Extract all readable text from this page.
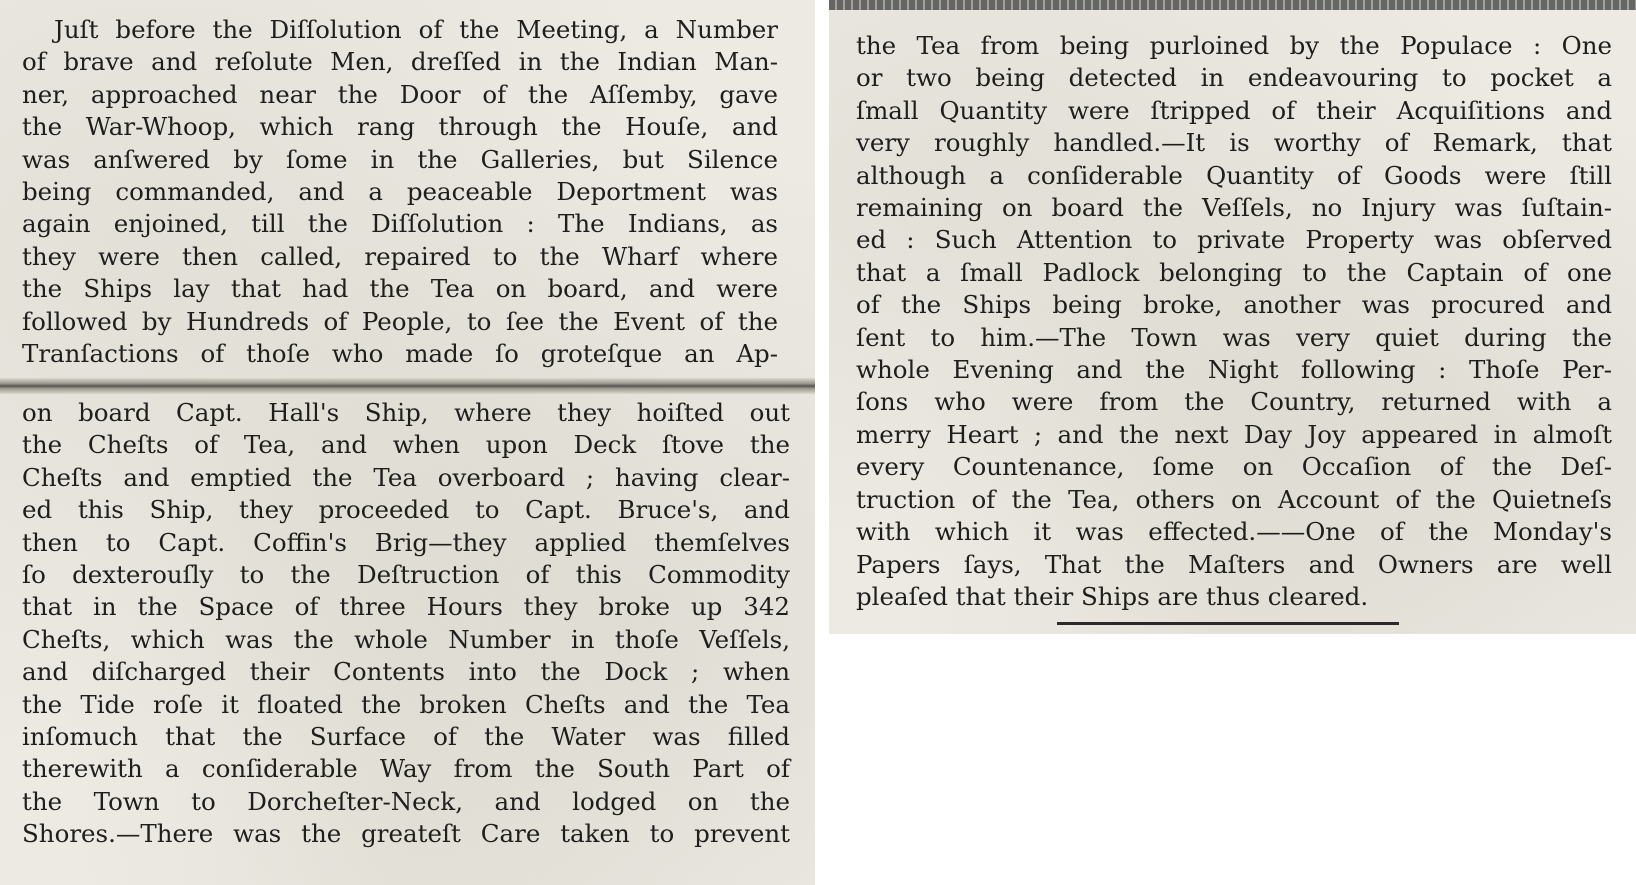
Juſt before the Diſſolution of the Meeting, a Number
of brave and reſolute Men, dreſſed in the Indian Man-
ner, approached near the Door of the Aſſemby, gave
the War-Whoop, which rang through the Houſe, and
was anſwered by ſome in the Galleries, but Silence
being commanded, and a peaceable Deportment was
again enjoined, till the Diſſolution : The Indians, as
they were then called, repaired to the Wharf where
the Ships lay that had the Tea on board, and were
followed by Hundreds of People, to ſee the Event of the
Tranſactions of thoſe who made ſo groteſque an Ap-
on board Capt. Hall's Ship, where they hoiſted out
the Cheſts of Tea, and when upon Deck ſtove the
Cheſts and emptied the Tea overboard ; having clear-
ed this Ship, they proceeded to Capt. Bruce's, and
then to Capt. Coffin's Brig—they applied themſelves
ſo dexterouſly to the Deſtruction of this Commodity
that in the Space of three Hours they broke up 342
Cheſts, which was the whole Number in thoſe Veſſels,
and diſcharged their Contents into the Dock ; when
the Tide roſe it floated the broken Cheſts and the Tea
inſomuch that the Surface of the Water was filled
therewith a conſiderable Way from the South Part of
the Town to Dorcheſter-Neck, and lodged on the
Shores.—There was the greateſt Care taken to prevent
the Tea from being purloined by the Populace : One
or two being detected in endeavouring to pocket a
ſmall Quantity were ſtripped of their Acquiſitions and
very roughly handled.—It is worthy of Remark, that
although a conſiderable Quantity of Goods were ſtill
remaining on board the Veſſels, no Injury was ſuſtain-
ed : Such Attention to private Property was obſerved
that a ſmall Padlock belonging to the Captain of one
of the Ships being broke, another was procured and
ſent to him.—The Town was very quiet during the
whole Evening and the Night following : Thoſe Per-
ſons who were from the Country, returned with a
merry Heart ; and the next Day Joy appeared in almoſt
every Countenance, ſome on Occaſion of the Deſ-
truction of the Tea, others on Account of the Quietneſs
with which it was effected.——One of the Monday's
Papers ſays, That the Maſters and Owners are well
pleaſed that their Ships are thus cleared.
